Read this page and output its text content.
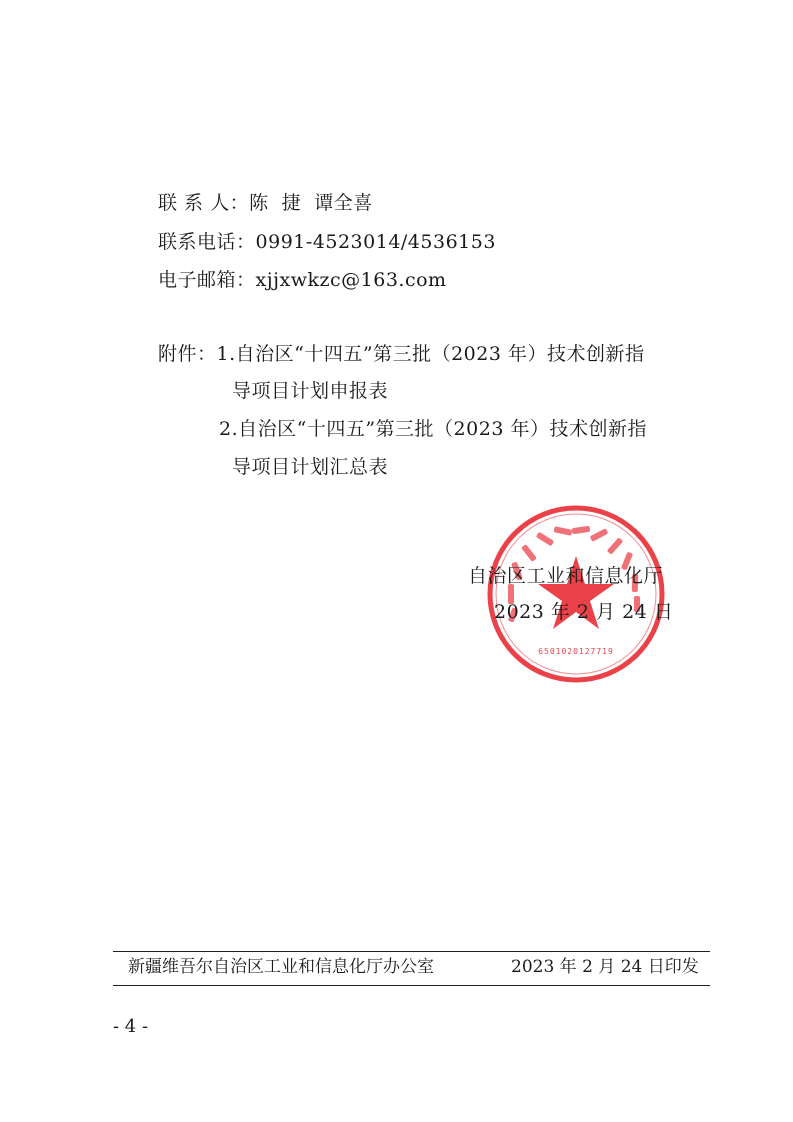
联 系 人：陈  捷  谭全喜
联系电话：0991-4523014/4536153
电子邮箱：xjjxwkzc@163.com
附件：1.自治区“十四五”第三批（2023 年）技术创新指
导项目计划申报表
2.自治区“十四五”第三批（2023 年）技术创新指
导项目计划汇总表
6501020127719
自治区工业和信息化厅
2023 年 2 月 24 日
新疆维吾尔自治区工业和信息化厅办公室	2023 年 2 月 24 日印发
- 4 -
